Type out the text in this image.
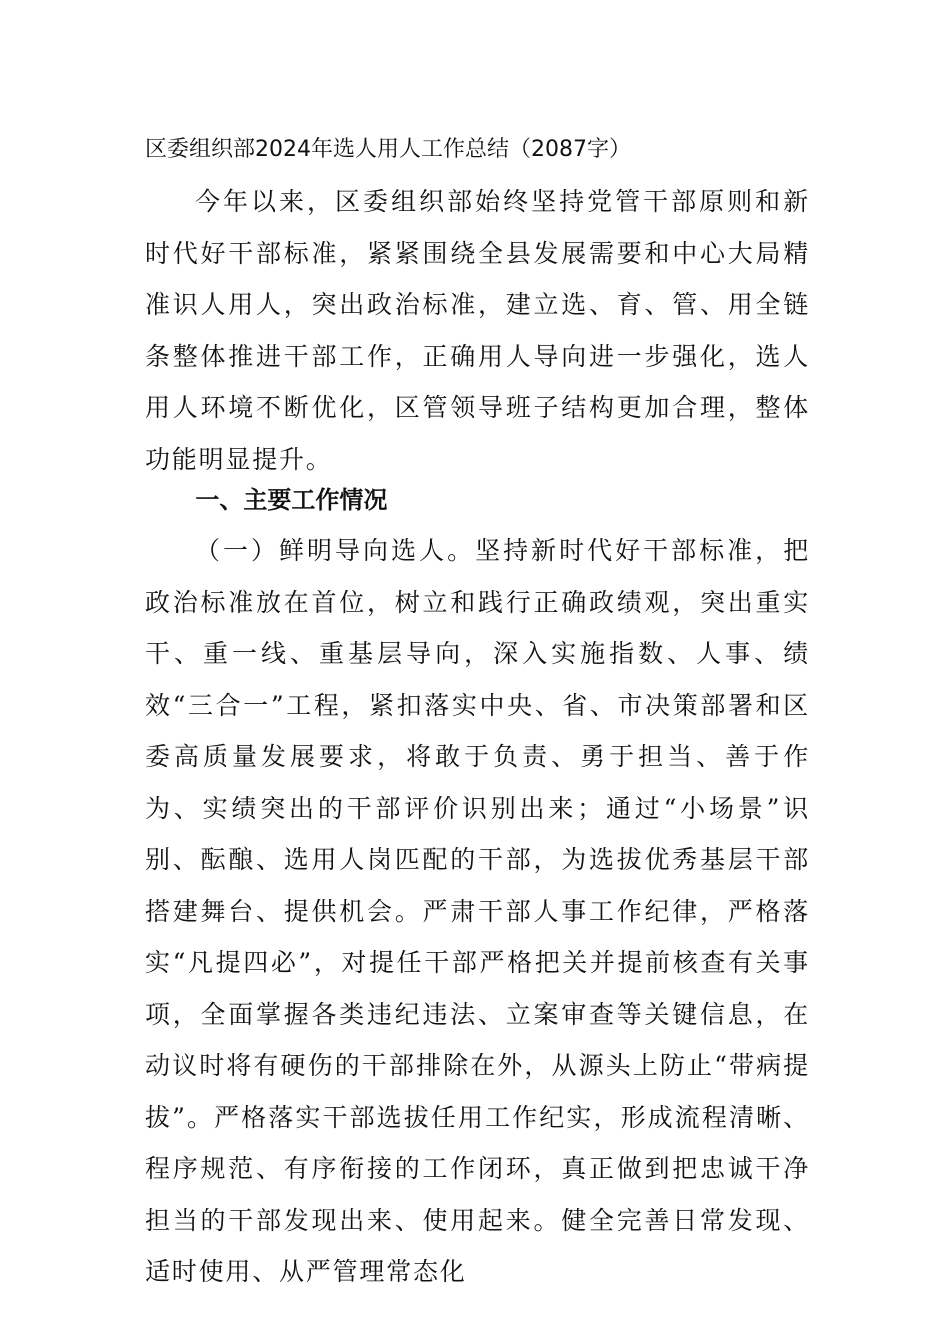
区委组织部2024年选人用人工作总结（2087字）

今年以来，区委组织部始终坚持党管干部原则和新时代好干部标准，紧紧围绕全县发展需要和中心大局精准识人用人，突出政治标准，建立选、育、管、用全链条整体推进干部工作，正确用人导向进一步强化，选人用人环境不断优化，区管领导班子结构更加合理，整体功能明显提升。

一、主要工作情况

（一）鲜明导向选人。坚持新时代好干部标准，把政治标准放在首位，树立和践行正确政绩观，突出重实干、重一线、重基层导向，深入实施指数、人事、绩效“三合一”工程，紧扣落实中央、省、市决策部署和区委高质量发展要求，将敢于负责、勇于担当、善于作为、实绩突出的干部评价识别出来；通过“小场景”识别、酝酿、选用人岗匹配的干部，为选拔优秀基层干部搭建舞台、提供机会。严肃干部人事工作纪律，严格落实“凡提四必”，对提任干部严格把关并提前核查有关事项，全面掌握各类违纪违法、立案审查等关键信息，在动议时将有硬伤的干部排除在外，从源头上防止“带病提拔”。严格落实干部选拔任用工作纪实，形成流程清晰、程序规范、有序衔接的工作闭环，真正做到把忠诚干净担当的干部发现出来、使用起来。健全完善日常发现、适时使用、从严管理常态化
